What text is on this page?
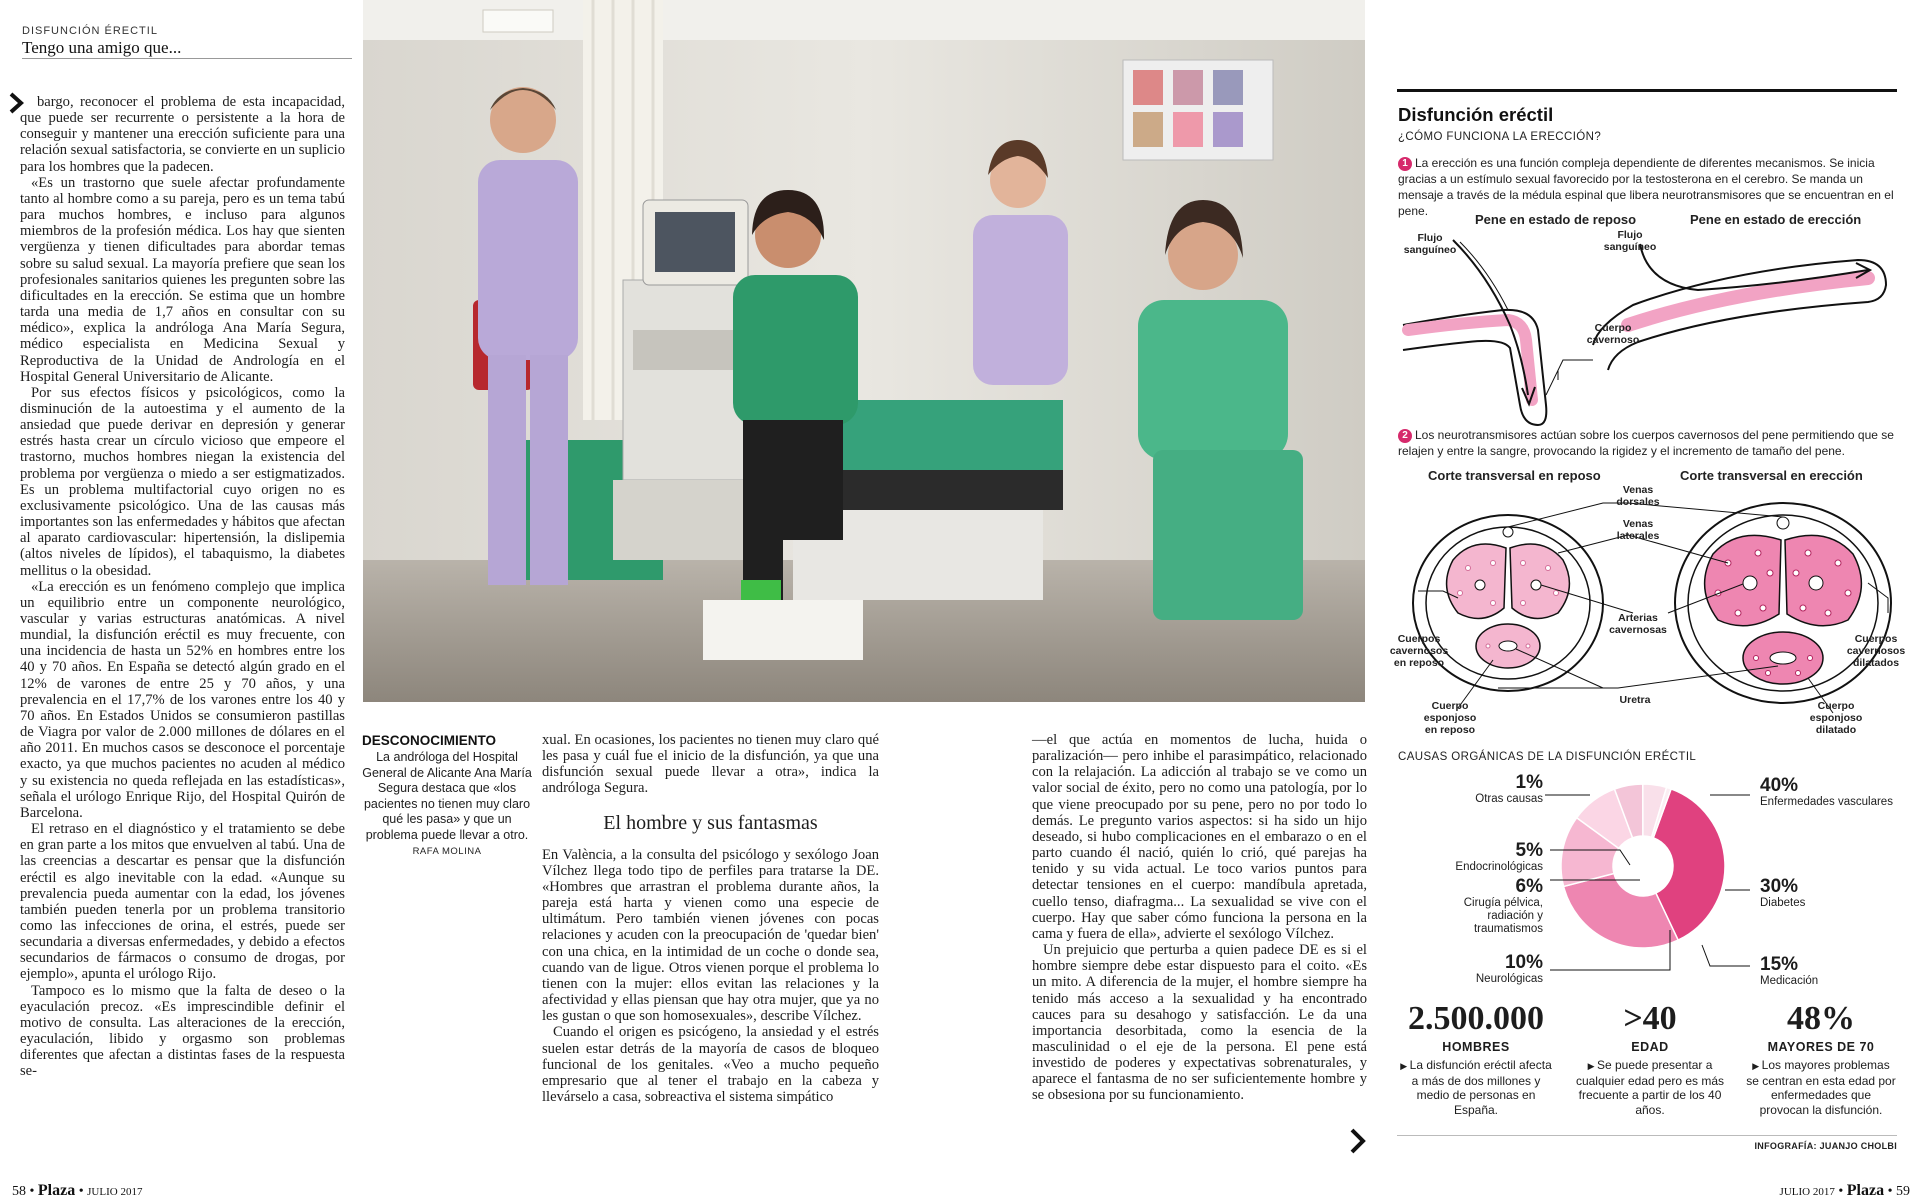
DISFUNCIÓN ÉRECTIL
Tengo una amigo que...

bargo, reconocer el problema de esta incapacidad, que puede ser recurrente o persistente a la hora de conseguir y mantener una erección suficiente para una relación sexual satisfactoria, se convierte en un suplicio para los hombres que la padecen.

«Es un trastorno que suele afectar profundamente tanto al hombre como a su pareja, pero es un tema tabú para muchos hombres, e incluso para algunos miembros de la profesión médica. Los hay que sienten vergüenza y tienen dificultades para abordar temas sobre su salud sexual. La mayoría prefiere que sean los profesionales sanitarios quienes les pregunten sobre las dificultades en la erección. Se estima que un hombre tarda una media de 1,7 años en consultar con su médico», explica la andróloga Ana María Segura, médico especialista en Medicina Sexual y Reproductiva de la Unidad de Andrología en el Hospital General Universitario de Alicante.

Por sus efectos físicos y psicológicos, como la disminución de la autoestima y el aumento de la ansiedad que puede derivar en depresión y generar estrés hasta crear un círculo vicioso que empeore el trastorno, muchos hombres niegan la existencia del problema por vergüenza o miedo a ser estigmatizados. Es un problema multifactorial cuyo origen no es exclusivamente psicológico. Una de las causas más importantes son las enfermedades y hábitos que afectan al aparato cardiovascular: hipertensión, la dislipemia (altos niveles de lípidos), el tabaquismo, la diabetes mellitus o la obesidad.

«La erección es un fenómeno complejo que implica un equilibrio entre un componente neurológico, vascular y varias estructuras anatómicas. A nivel mundial, la disfunción eréctil es muy frecuente, con una incidencia de hasta un 52% en hombres entre los 40 y 70 años. En España se detectó algún grado en el 12% de varones de entre 25 y 70 años, y una prevalencia en el 17,7% de los varones entre los 40 y 70 años. En Estados Unidos se consumieron pastillas de Viagra por valor de 2.000 millones de dólares en el año 2011. En muchos casos se desconoce el porcentaje exacto, ya que muchos pacientes no acuden al médico y su existencia no queda reflejada en las estadísticas», señala el urólogo Enrique Rijo, del Hospital Quirón de Barcelona.

El retraso en el diagnóstico y el tratamiento se debe en gran parte a los mitos que envuelven al tabú. Una de las creencias a descartar es pensar que la disfunción eréctil es algo inevitable con la edad. «Aunque su prevalencia pueda aumentar con la edad, los jóvenes también pueden tenerla por un problema transitorio como las infecciones de orina, el estrés, puede ser secundaria a diversas enfermedades, y debido a efectos secundarios de fármacos o consumo de drogas, por ejemplo», apunta el urólogo Rijo.

Tampoco es lo mismo que la falta de deseo o la eyaculación precoz. «Es imprescindible definir el motivo de consulta. Las alteraciones de la erección, eyaculación, libido y orgasmo son problemas diferentes que afectan a distintas fases de la respuesta se-

DESCONOCIMIENTO
La andróloga del Hospital General de Alicante Ana María Segura destaca que «los pacientes no tienen muy claro qué les pasa» y que un problema puede llevar a otro. RAFA MOLINA

xual. En ocasiones, los pacientes no tienen muy claro qué les pasa y cuál fue el inicio de la disfunción, ya que una disfunción sexual puede llevar a otra», indica la andróloga Segura.

El hombre y sus fantasmas

En València, a la consulta del psicólogo y sexólogo Joan Vílchez llega todo tipo de perfiles para tratarse la DE. «Hombres que arrastran el problema durante años, la pareja está harta y vienen como una especie de ultimátum. Pero también vienen jóvenes con pocas relaciones y acuden con la preocupación de 'quedar bien' con una chica, en la intimidad de un coche o donde sea, cuando van de ligue. Otros vienen porque el problema lo tienen con la mujer: ellos evitan las relaciones y la afectividad y ellas piensan que hay otra mujer, que ya no les gustan o que son homosexuales», describe Vílchez.

Cuando el origen es psicógeno, la ansiedad y el estrés suelen estar detrás de la mayoría de casos de bloqueo funcional de los genitales. «Veo a mucho pequeño empresario que al tener el trabajo en la cabeza y llevárselo a casa, sobreactiva el sistema simpático

—el que actúa en momentos de lucha, huida o paralización— pero inhibe el parasimpático, relacionado con la relajación. La adicción al trabajo se ve como un valor social de éxito, pero no como una patología, por lo que viene preocupado por su pene, pero no por todo lo demás. Le pregunto varios aspectos: si ha sido un hijo deseado, si hubo complicaciones en el embarazo o en el parto cuando él nació, quién lo crió, qué parejas ha tenido y su vida actual. Le toco varios puntos para detectar tensiones en el cuerpo: mandíbula apretada, cuello tenso, diafragma... La sexualidad se vive con el cuerpo. Hay que saber cómo funciona la persona en la cama y fuera de ella», advierte el sexólogo Vílchez.

Un prejuicio que perturba a quien padece DE es si el hombre siempre debe estar dispuesto para el coito. «Es un mito. A diferencia de la mujer, el hombre siempre ha tenido más acceso a la sexualidad y ha encontrado cauces para su desahogo y satisfacción. Le da una importancia desorbitada, como la esencia de la masculinidad o el eje de la persona. El pene está investido de poderes y expectativas sobrenaturales, y aparece el fantasma de no ser suficientemente hombre y se obsesiona por su funcionamiento.

58 • Plaza • JULIO 2017	JULIO 2017 • Plaza • 59
Disfunción eréctil
¿CÓMO FUNCIONA LA ERECCIÓN?
1 La erección es una función compleja dependiente de diferentes mecanismos. Se inicia gracias a un estímulo sexual favorecido por la testosterona en el cerebro. Se manda un mensaje a través de la médula espinal que libera neurotransmisores que se encuentran en el pene.
Pene en estado de reposo	Pene en estado de erección
Flujo sanguíneo
Flujo sanguíneo
Cuerpo cavernoso
2 Los neurotransmisores actúan sobre los cuerpos cavernosos del pene permitiendo que se relajen y entre la sangre, provocando la rigidez y el incremento de tamaño del pene.
Corte transversal en reposo	Corte transversal en erección
Venas dorsales
Venas laterales
Arterias cavernosas
Cuerpos cavernosos en reposo
Cuerpos cavernosos dilatados
Uretra
Cuerpo esponjoso en reposo
Cuerpo esponjoso dilatado
CAUSAS ORGÁNICAS DE LA DISFUNCIÓN ERÉCTIL
1%
Otras causas
5%
Endocrinológicas
6%
Cirugía pélvica, radiación y traumatismos
10%
Neurológicas
40%
Enfermedades vasculares
30%
Diabetes
15%
Medicación
2.500.000
HOMBRES
▶ La disfunción eréctil afecta a más de dos millones y medio de personas en España.
>40
EDAD
▶ Se puede presentar a cualquier edad pero es más frecuente a partir de los 40 años.
48%
MAYORES DE 70
▶ Los mayores problemas se centran en esta edad por enfermedades que provocan la disfunción.
INFOGRAFÍA: JUANJO CHOLBI
